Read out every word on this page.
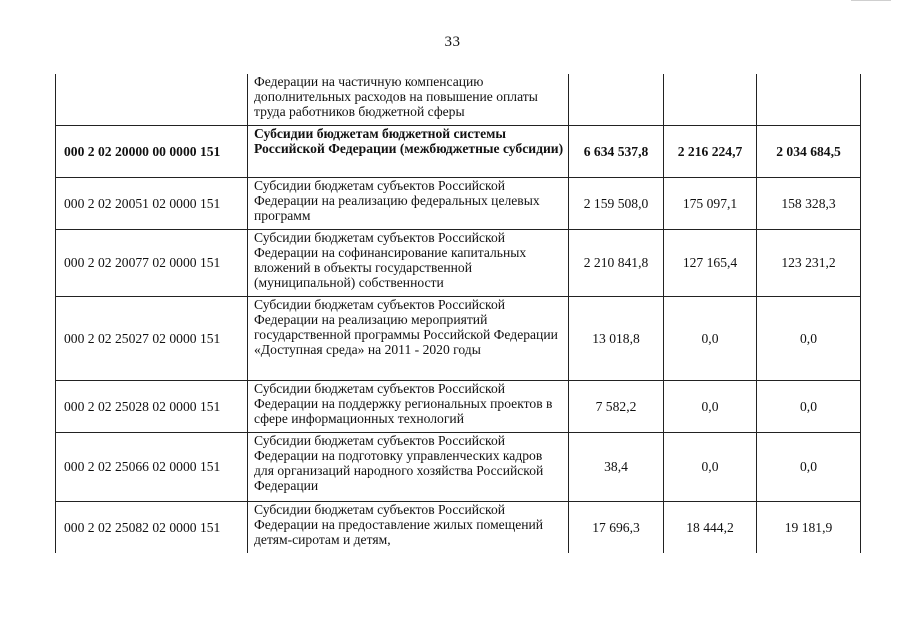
33

	Федерации на частичную компенсацию дополнительных расходов на повышение оплаты труда работников бюджетной сферы			

000 2 02 20000 00 0000 151	Субсидии бюджетам бюджетной системы Российской Федерации (межбюджетные субсидии)	6 634 537,8	2 216 224,7	2 034 684,5
000 2 02 20051 02 0000 151	Субсидии бюджетам субъектов Российской Федерации на реализацию федеральных целевых программ	2 159 508,0	175 097,1	158 328,3
000 2 02 20077 02 0000 151	Субсидии бюджетам субъектов Российской Федерации на софинансирование капитальных вложений в объекты государственной (муниципальной) собственности	2 210 841,8	127 165,4	123 231,2
000 2 02 25027 02 0000 151	Субсидии бюджетам субъектов Российской Федерации на реализацию мероприятий государственной программы Российской Федерации «Доступная среда» на 2011 - 2020 годы	13 018,8	0,0	0,0
000 2 02 25028 02 0000 151	Субсидии бюджетам субъектов Российской Федерации на поддержку региональных проектов в сфере информационных технологий	7 582,2	0,0	0,0
000 2 02 25066 02 0000 151	Субсидии бюджетам субъектов Российской Федерации на подготовку управленческих кадров для организаций народного хозяйства Российской Федерации	38,4	0,0	0,0
000 2 02 25082 02 0000 151	Субсидии бюджетам субъектов Российской Федерации на предоставление жилых помещений детям-сиротам и детям,	17 696,3	18 444,2	19 181,9
